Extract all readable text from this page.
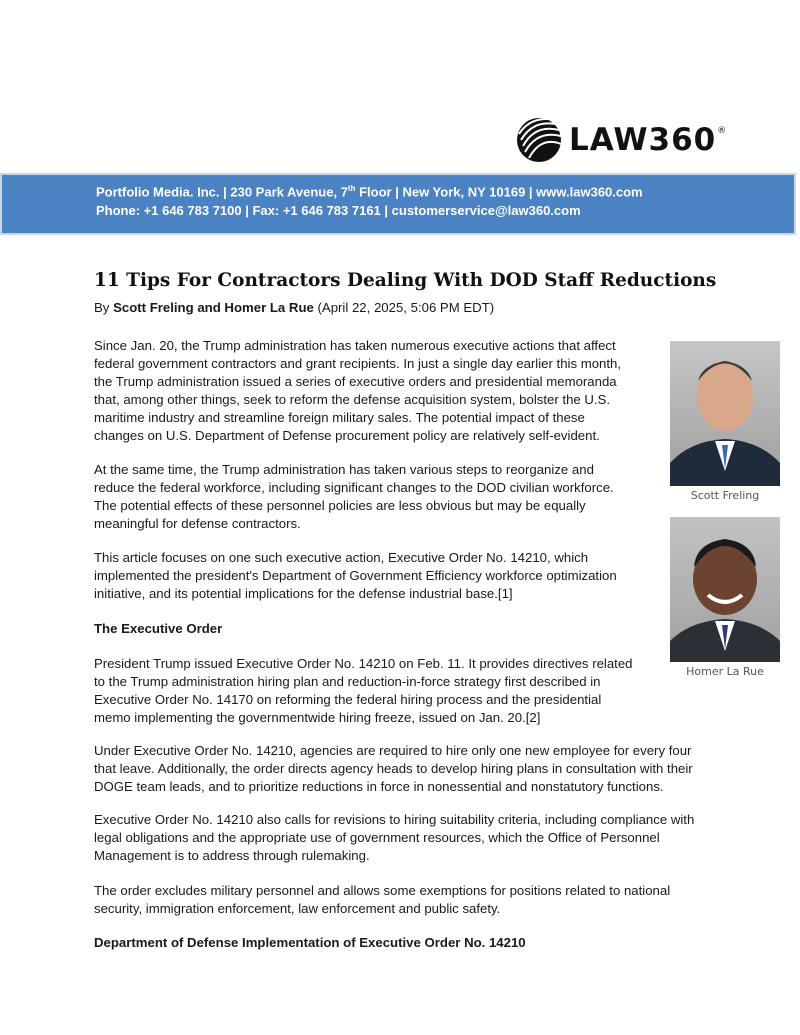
LAW360®
Portfolio Media. Inc. | 230 Park Avenue, 7th Floor | New York, NY 10169 | www.law360.com
Phone: +1 646 783 7100 | Fax: +1 646 783 7161 | customerservice@law360.com
11 Tips For Contractors Dealing With DOD Staff Reductions
By Scott Freling and Homer La Rue (April 22, 2025, 5:06 PM EDT)
Since Jan. 20, the Trump administration has taken numerous executive actions that affect
federal government contractors and grant recipients. In just a single day earlier this month,
the Trump administration issued a series of executive orders and presidential memoranda
that, among other things, seek to reform the defense acquisition system, bolster the U.S.
maritime industry and streamline foreign military sales. The potential impact of these
changes on U.S. Department of Defense procurement policy are relatively self-evident.
At the same time, the Trump administration has taken various steps to reorganize and
reduce the federal workforce, including significant changes to the DOD civilian workforce.
The potential effects of these personnel policies are less obvious but may be equally
meaningful for defense contractors.
This article focuses on one such executive action, Executive Order No. 14210, which
implemented the president's Department of Government Efficiency workforce optimization
initiative, and its potential implications for the defense industrial base.[1]
The Executive Order
President Trump issued Executive Order No. 14210 on Feb. 11. It provides directives related
to the Trump administration hiring plan and reduction-in-force strategy first described in
Executive Order No. 14170 on reforming the federal hiring process and the presidential
memo implementing the governmentwide hiring freeze, issued on Jan. 20.[2]
Under Executive Order No. 14210, agencies are required to hire only one new employee for every four
that leave. Additionally, the order directs agency heads to develop hiring plans in consultation with their
DOGE team leads, and to prioritize reductions in force in nonessential and nonstatutory functions.
Executive Order No. 14210 also calls for revisions to hiring suitability criteria, including compliance with
legal obligations and the appropriate use of government resources, which the Office of Personnel
Management is to address through rulemaking.
The order excludes military personnel and allows some exemptions for positions related to national
security, immigration enforcement, law enforcement and public safety.
Department of Defense Implementation of Executive Order No. 14210
Scott Freling
Homer La Rue
